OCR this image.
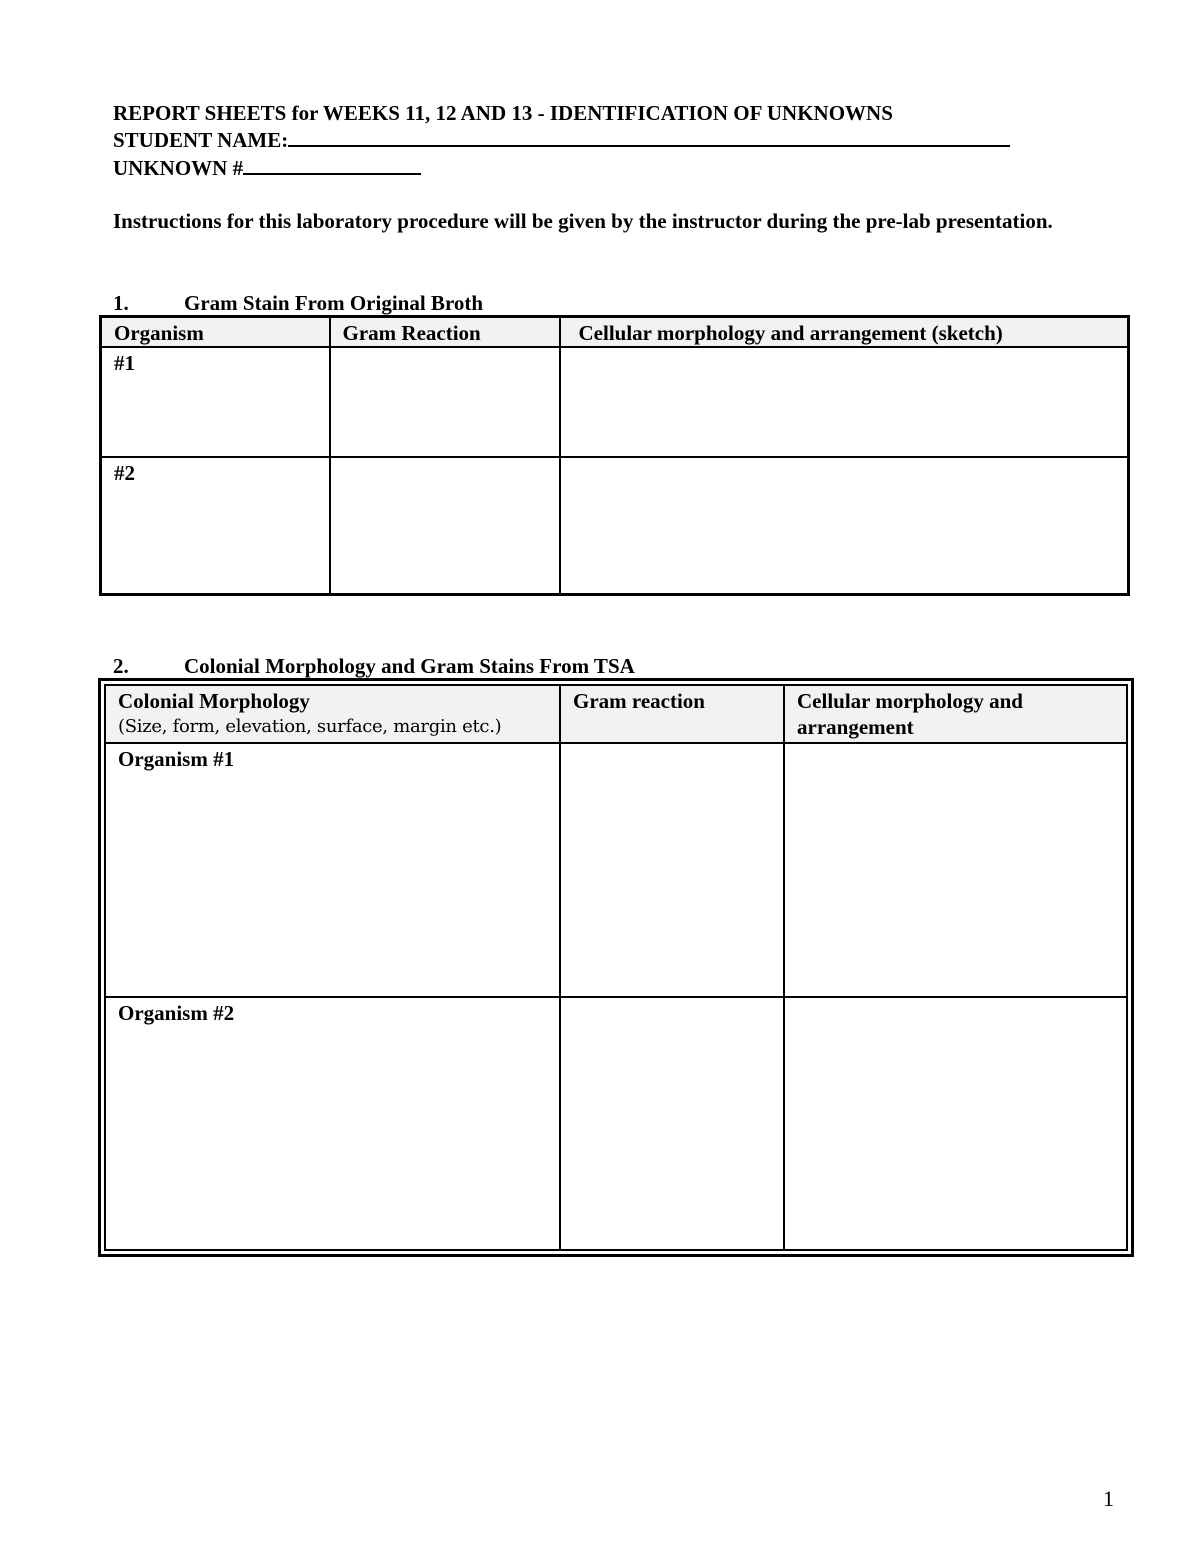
REPORT SHEETS for WEEKS 11, 12 AND 13 - IDENTIFICATION OF UNKNOWNS
STUDENT NAME:
UNKNOWN #
Instructions for this laboratory procedure will be given by the instructor during the pre-lab presentation.
1.	Gram Stain From Original Broth
Organism	Gram Reaction	Cellular morphology and arrangement (sketch)
#1		
#2		
2.	Colonial Morphology and Gram Stains From TSA
Colonial Morphology
(Size, form, elevation, surface, margin etc.)	Gram reaction	Cellular morphology and arrangement
Organism #1		
Organism #2		
1
